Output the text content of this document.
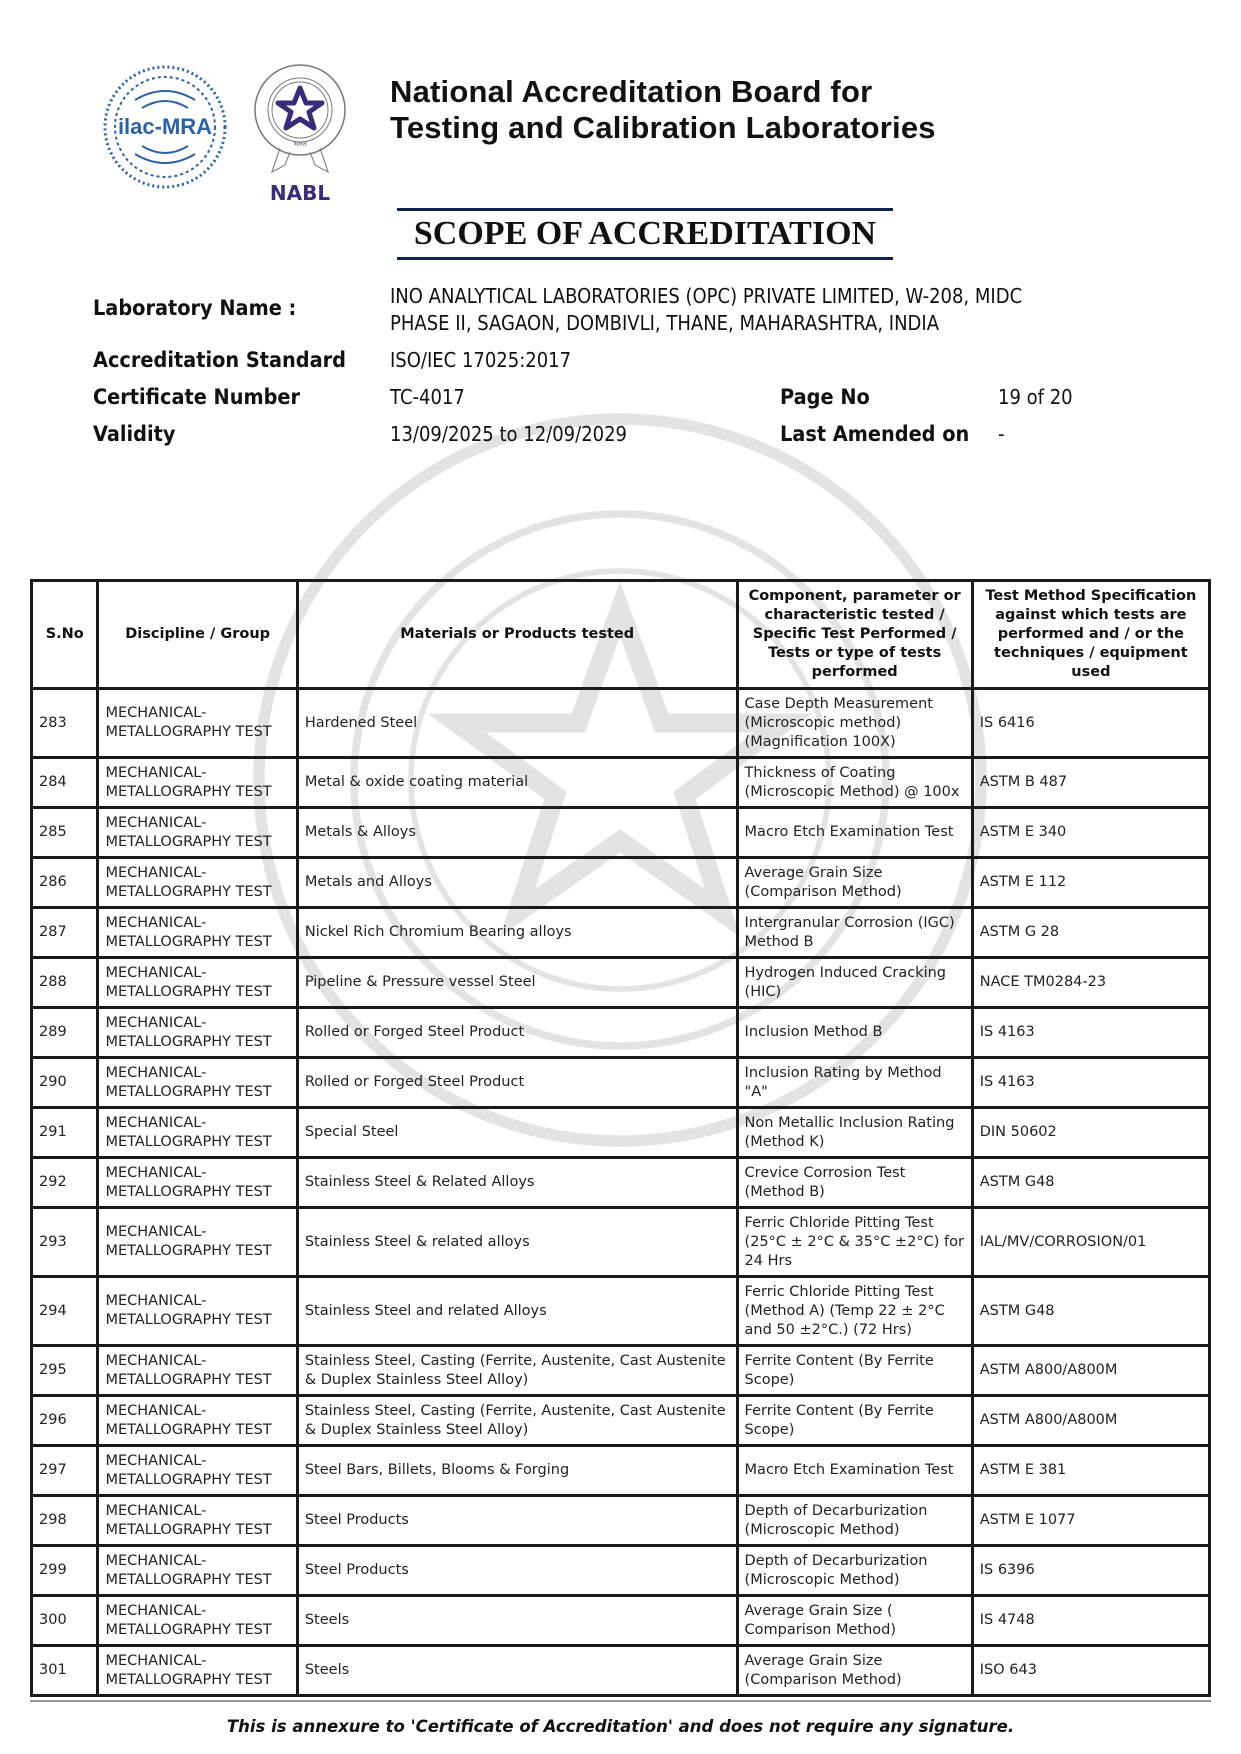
ilac-MRA
भारत
NABL
National Accreditation Board for
Testing and Calibration Laboratories
SCOPE OF ACCREDITATION
Laboratory Name :	INO ANALYTICAL LABORATORIES (OPC) PRIVATE LIMITED, W-208, MIDC
PHASE II, SAGAON, DOMBIVLI, THANE, MAHARASHTRA, INDIA
Accreditation Standard ISO/IEC 17025:2017
Certificate Number	TC-4017	Page No	19 of 20
Validity	13/09/2025 to 12/09/2029	Last Amended on -
S.No	Discipline / Group	Materials or Products tested	Component, parameter or characteristic tested / Specific Test Performed / Tests or type of tests performed	Test Method Specification against which tests are performed and / or the techniques / equipment used
283	MECHANICAL- METALLOGRAPHY TEST	Hardened Steel	Case Depth Measurement (Microscopic method) (Magnification 100X)	IS 6416
284	MECHANICAL- METALLOGRAPHY TEST	Metal & oxide coating material	Thickness of Coating (Microscopic Method) @ 100x	ASTM B 487
285	MECHANICAL- METALLOGRAPHY TEST	Metals & Alloys	Macro Etch Examination Test	ASTM E 340
286	MECHANICAL- METALLOGRAPHY TEST	Metals and Alloys	Average Grain Size (Comparison Method)	ASTM E 112
287	MECHANICAL- METALLOGRAPHY TEST	Nickel Rich Chromium Bearing alloys	Intergranular Corrosion (IGC) Method B	ASTM G 28
288	MECHANICAL- METALLOGRAPHY TEST	Pipeline & Pressure vessel Steel	Hydrogen Induced Cracking (HIC)	NACE TM0284-23
289	MECHANICAL- METALLOGRAPHY TEST	Rolled or Forged Steel Product	Inclusion Method B	IS 4163
290	MECHANICAL- METALLOGRAPHY TEST	Rolled or Forged Steel Product	Inclusion Rating by Method "A"	IS 4163
291	MECHANICAL- METALLOGRAPHY TEST	Special Steel	Non Metallic Inclusion Rating (Method K)	DIN 50602
292	MECHANICAL- METALLOGRAPHY TEST	Stainless Steel & Related Alloys	Crevice Corrosion Test (Method B)	ASTM G48
293	MECHANICAL- METALLOGRAPHY TEST	Stainless Steel & related alloys	Ferric Chloride Pitting Test (25°C ± 2°C & 35°C ±2°C) for 24 Hrs	IAL/MV/CORROSION/01
294	MECHANICAL- METALLOGRAPHY TEST	Stainless Steel and related Alloys	Ferric Chloride Pitting Test (Method A) (Temp 22 ± 2°C and 50 ±2°C.) (72 Hrs)	ASTM G48
295	MECHANICAL- METALLOGRAPHY TEST	Stainless Steel, Casting (Ferrite, Austenite, Cast Austenite & Duplex Stainless Steel Alloy)	Ferrite Content (By Ferrite Scope)	ASTM A800/A800M
296	MECHANICAL- METALLOGRAPHY TEST	Stainless Steel, Casting (Ferrite, Austenite, Cast Austenite & Duplex Stainless Steel Alloy)	Ferrite Content (By Ferrite Scope)	ASTM A800/A800M
297	MECHANICAL- METALLOGRAPHY TEST	Steel Bars, Billets, Blooms & Forging	Macro Etch Examination Test	ASTM E 381
298	MECHANICAL- METALLOGRAPHY TEST	Steel Products	Depth of Decarburization (Microscopic Method)	ASTM E 1077
299	MECHANICAL- METALLOGRAPHY TEST	Steel Products	Depth of Decarburization (Microscopic Method)	IS 6396
300	MECHANICAL- METALLOGRAPHY TEST	Steels	Average Grain Size ( Comparison Method)	IS 4748
301	MECHANICAL- METALLOGRAPHY TEST	Steels	Average Grain Size (Comparison Method)	ISO 643
This is annexure to 'Certificate of Accreditation' and does not require any signature.
